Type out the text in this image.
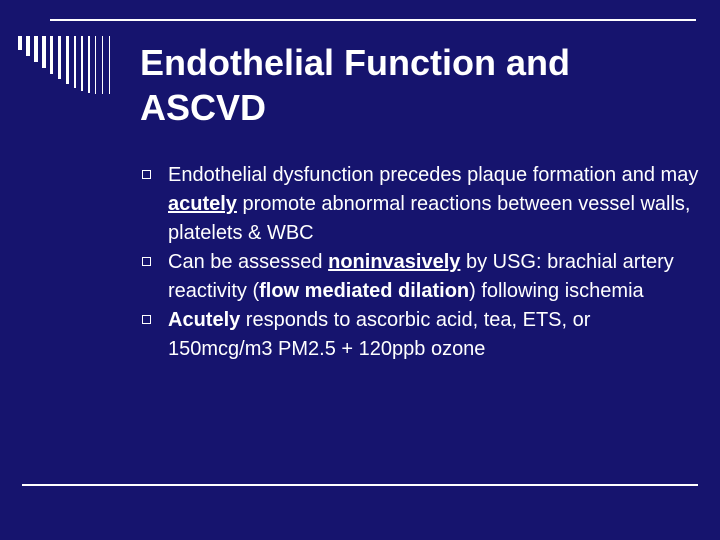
Endothelial Function and ASCVD
Endothelial dysfunction precedes plaque formation and may acutely promote abnormal reactions between vessel walls, platelets & WBC
Can be assessed noninvasively by USG: brachial artery reactivity (flow mediated dilation) following ischemia
Acutely responds to ascorbic acid, tea, ETS, or 150mcg/m3 PM2.5 + 120ppb ozone
